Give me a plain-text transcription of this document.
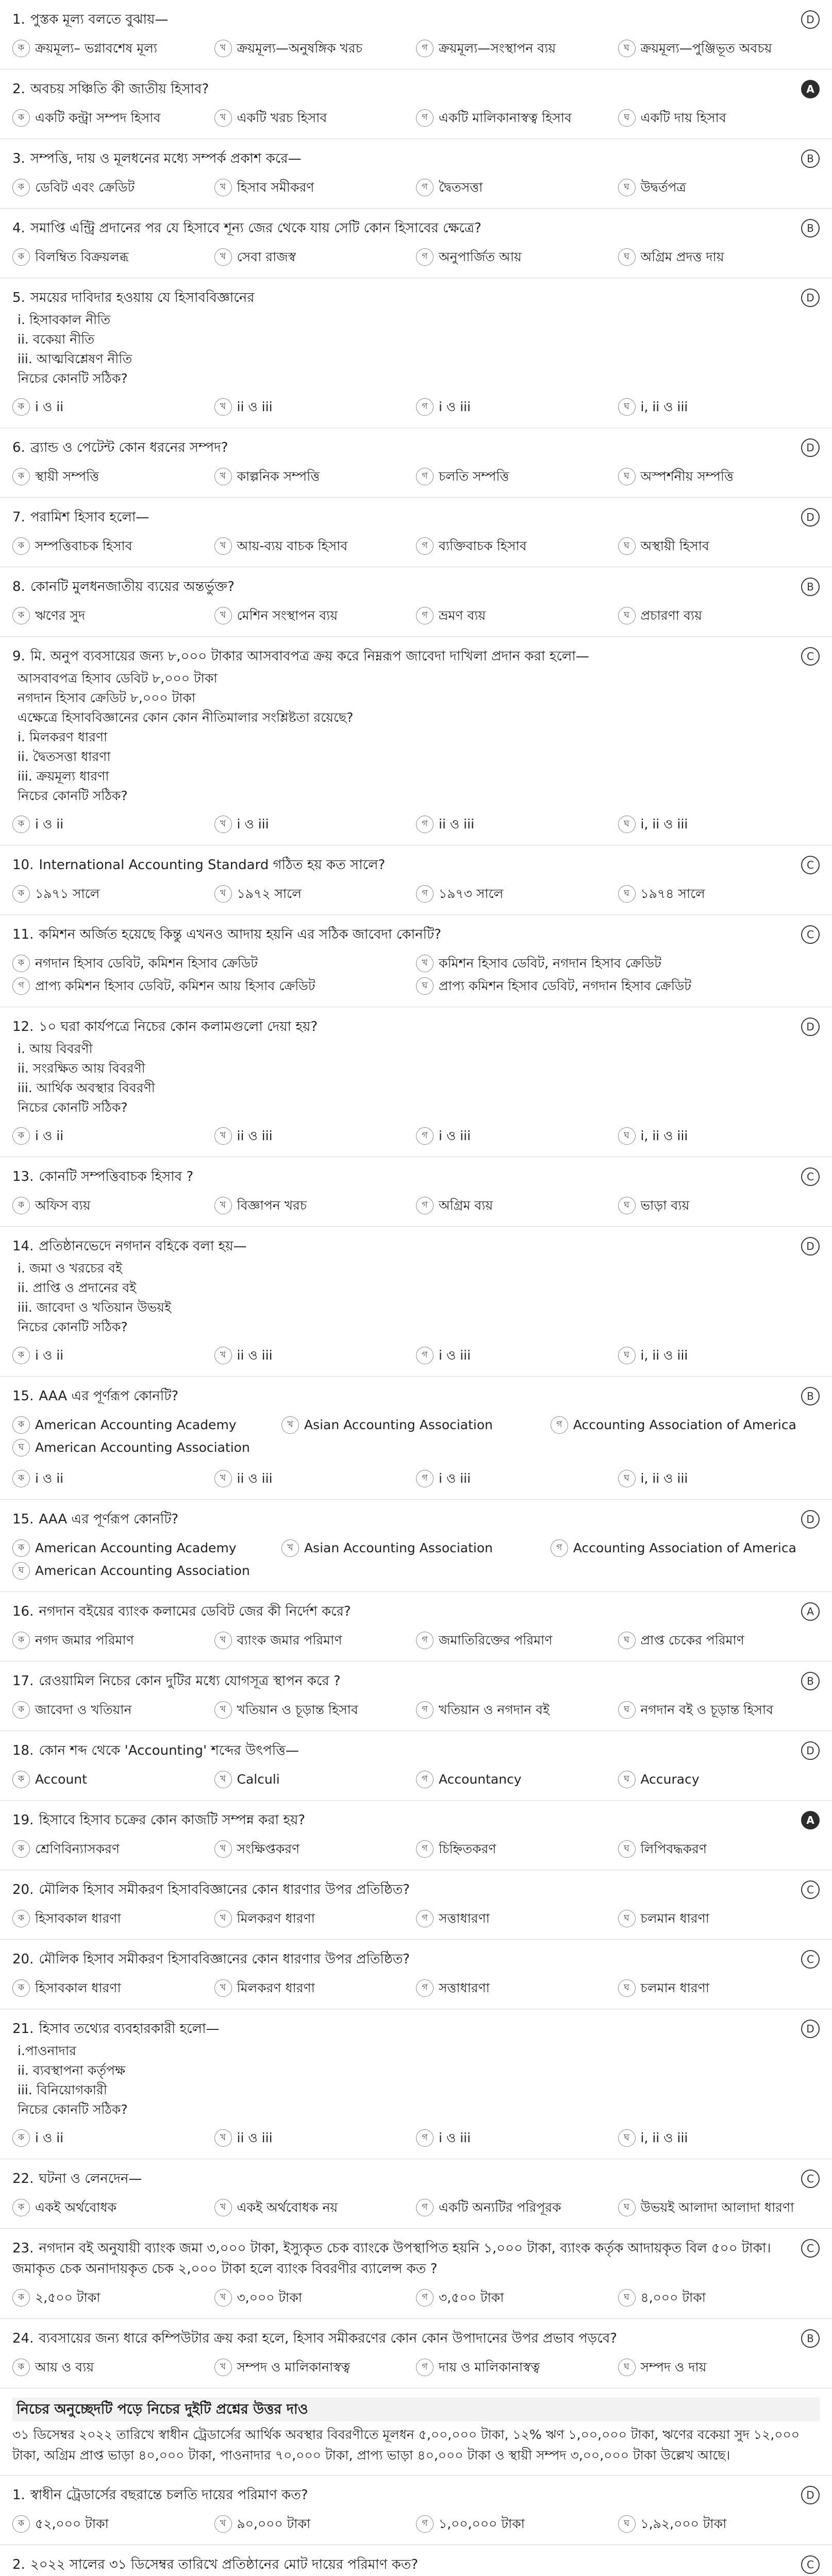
1. পুস্তক মূল্য বলতে বুঝায়—	D
ক ক্রয়মূল্য– ভগ্নাবশেষ মূল্য	খ ক্রয়মূল্য—অনুষঙ্গিক খরচ	গ ক্রয়মূল্য—সংস্থাপন ব্যয়	ঘ ক্রয়মূল্য—পুঞ্জিভূত অবচয়
2. অবচয় সঞ্চিতি কী জাতীয় হিসাব?	A
ক একটি কন্ট্রা সম্পদ হিসাব	খ একটি খরচ হিসাব	গ একটি মালিকানাস্বত্ব হিসাব	ঘ একটি দায় হিসাব
3. সম্পত্তি, দায় ও মূলধনের মধ্যে সম্পর্ক প্রকাশ করে—	B
ক ডেবিট এবং ক্রেডিট	খ হিসাব সমীকরণ	গ দ্বৈতসত্তা	ঘ উদ্বর্তপত্র
4. সমাপ্তি এন্ট্রি প্রদানের পর যে হিসাবে শূন্য জের থেকে যায় সেটি কোন হিসাবের ক্ষেত্রে?	B
ক বিলম্বিত বিক্রয়লব্ধ	খ সেবা রাজস্ব	গ অনুপার্জিত আয়	ঘ অগ্রিম প্রদত্ত দায়
5. সময়ের দাবিদার হওয়ায় যে হিসাববিজ্ঞানের
i. হিসাবকাল নীতি
ii. বকেয়া নীতি
iii. আত্মবিশ্লেষণ নীতি
নিচের কোনটি সঠিক?
D
ক i ও ii	খ ii ও iii	গ i ও iii	ঘ i, ii ও iii
6. ব্র্যান্ড ও পেটেন্ট কোন ধরনের সম্পদ?	D
ক স্থায়ী সম্পত্তি	খ কাল্পনিক সম্পত্তি	গ চলতি সম্পত্তি	ঘ অস্পর্শনীয় সম্পত্তি
7. পরামিশ হিসাব হলো—	D
ক সম্পত্তিবাচক হিসাব	খ আয়-ব্যয় বাচক হিসাব	গ ব্যক্তিবাচক হিসাব	ঘ অস্থায়ী হিসাব
8. কোনটি মুলধনজাতীয় ব্যয়ের অন্তর্ভুক্ত?	B
ক ঋণের সুদ	খ মেশিন সংস্থাপন ব্যয়	গ ভ্রমণ ব্যয়	ঘ প্রচারণা ব্যয়
9. মি. অনুপ ব্যবসায়ের জন্য ৮,০০০ টাকার আসবাবপত্র ক্রয় করে নিম্নরূপ জাবেদা দাখিলা প্রদান করা হলো—
আসবাবপত্র হিসাব ডেবিট ৮,০০০ টাকা
নগদান হিসাব ক্রেডিট ৮,০০০ টাকা
এক্ষেত্রে হিসাববিজ্ঞানের কোন কোন নীতিমালার সংশ্লিষ্টতা রয়েছে?
i. মিলকরণ ধারণা
ii. দ্বৈতসত্তা ধারণা
iii. ক্রয়মূল্য ধারণা
নিচের কোনটি সঠিক?
C
ক i ও ii	খ i ও iii	গ ii ও iii	ঘ i, ii ও iii
10. International Accounting Standard গঠিত হয় কত সালে?	C
ক ১৯৭১ সালে	খ ১৯৭২ সালে	গ ১৯৭৩ সালে	ঘ ১৯৭৪ সালে
11. কমিশন অর্জিত হয়েছে কিন্তু এখনও আদায় হয়নি এর সঠিক জাবেদা কোনটি?	C
ক নগদান হিসাব ডেবিট, কমিশন হিসাব ক্রেডিট	খ কমিশন হিসাব ডেবিট, নগদান হিসাব ক্রেডিট
গ প্রাপ্য কমিশন হিসাব ডেবিট, কমিশন আয় হিসাব ক্রেডিট	ঘ প্রাপ্য কমিশন হিসাব ডেবিট, নগদান হিসাব ক্রেডিট
12. ১০ ঘরা কার্যপত্রে নিচের কোন কলামগুলো দেয়া হয়?
i. আয় বিবরণী
ii. সংরক্ষিত আয় বিবরণী
iii. আর্থিক অবস্থার বিবরণী
নিচের কোনটি সঠিক?
D
ক i ও ii	খ ii ও iii	গ i ও iii	ঘ i, ii ও iii
13. কোনটি সম্পত্তিবাচক হিসাব ?	C
ক অফিস ব্যয়	খ বিজ্ঞাপন খরচ	গ অগ্রিম ব্যয়	ঘ ভাড়া ব্যয়
14. প্রতিষ্ঠানভেদে নগদান বহিকে বলা হয়—
i. জমা ও খরচের বই
ii. প্রাপ্তি ও প্রদানের বই
iii. জাবেদা ও খতিয়ান উভয়ই
নিচের কোনটি সঠিক?
D
ক i ও ii	খ ii ও iii	গ i ও iii	ঘ i, ii ও iii
15. AAA এর পূর্ণরূপ কোনটি?	B
ক American Accounting Academy	খ Asian Accounting Association	গ Accounting Association of America
ঘ American Accounting Association
ক i ও ii	খ ii ও iii	গ i ও iii	ঘ i, ii ও iii
15. AAA এর পূর্ণরূপ কোনটি?	D
ক American Accounting Academy	খ Asian Accounting Association	গ Accounting Association of America
ঘ American Accounting Association
16. নগদান বইয়ের ব্যাংক কলামের ডেবিট জের কী নির্দেশ করে?	A
ক নগদ জমার পরিমাণ	খ ব্যাংক জমার পরিমাণ	গ জমাতিরিক্তের পরিমাণ	ঘ প্রাপ্ত চেকের পরিমাণ
17. রেওয়ামিল নিচের কোন দুটির মধ্যে যোগসূত্র স্থাপন করে ?	B
ক জাবেদা ও খতিয়ান	খ খতিয়ান ও চূড়ান্ত হিসাব	গ খতিয়ান ও নগদান বই	ঘ নগদান বই ও চূড়ান্ত হিসাব
18. কোন শব্দ থেকে 'Accounting' শব্দের উৎপত্তি—	D
ক Account	খ Calculi	গ Accountancy	ঘ Accuracy
19. হিসাবে হিসাব চক্রের কোন কাজটি সম্পন্ন করা হয়?	A
ক শ্রেণিবিন্যাসকরণ	খ সংক্ষিপ্তকরণ	গ চিহ্নিতকরণ	ঘ লিপিবদ্ধকরণ
20. মৌলিক হিসাব সমীকরণ হিসাববিজ্ঞানের কোন ধারণার উপর প্রতিষ্ঠিত?	C
ক হিসাবকাল ধারণা	খ মিলকরণ ধারণা	গ সত্তাধারণা	ঘ চলমান ধারণা
20. মৌলিক হিসাব সমীকরণ হিসাববিজ্ঞানের কোন ধারণার উপর প্রতিষ্ঠিত?	C
ক হিসাবকাল ধারণা	খ মিলকরণ ধারণা	গ সত্তাধারণা	ঘ চলমান ধারণা
21. হিসাব তথ্যের ব্যবহারকারী হলো—
i.পাওনাদার
ii. ব্যবস্থাপনা কর্তৃপক্ষ
iii. বিনিয়োগকারী
নিচের কোনটি সঠিক?
D
ক i ও ii	খ ii ও iii	গ i ও iii	ঘ i, ii ও iii
22. ঘটনা ও লেনদেন—	C
ক একই অর্থবোধক	খ একই অর্থবোধক নয়	গ একটি অন্যটির পরিপূরক	ঘ উভয়ই আলাদা আলাদা ধারণা
23. নগদান বই অনুযায়ী ব্যাংক জমা ৩,০০০ টাকা, ইস্যুকৃত চেক ব্যাংকে উপস্থাপিত হয়নি ১,০০০ টাকা, ব্যাংক কর্তৃক আদায়কৃত বিল ৫০০ টাকা। জমাকৃত চেক অনাদায়কৃত চেক ২,০০০ টাকা হলে ব্যাংক বিবরণীর ব্যালেন্স কত ?
C
ক ২,৫০০ টাকা	খ ৩,০০০ টাকা	গ ৩,৫০০ টাকা	ঘ ৪,০০০ টাকা
24. ব্যবসায়ের জন্য ধারে কম্পিউটার ক্রয় করা হলে, হিসাব সমীকরণের কোন কোন উপাদানের উপর প্রভাব পড়বে?	B
ক আয় ও ব্যয়	খ সম্পদ ও মালিকানাস্বত্ব	গ দায় ও মালিকানাস্বত্ব	ঘ সম্পদ ও দায়
নিচের অনুচ্ছেদটি পড়ে নিচের দুইটি প্রশ্নের উত্তর দাও
৩১ ডিসেম্বর ২০২২ তারিখে স্বাধীন ট্রেডার্সের আর্থিক অবস্থার বিবরণীতে মূলধন ৫,০০,০০০ টাকা, ১২% ঋণ ১,০০,০০০ টাকা, ঋণের বকেয়া সুদ ১২,০০০ টাকা, অগ্রিম প্রাপ্ত ভাড়া ৪০,০০০ টাকা, পাওনাদার ৭০,০০০ টাকা, প্রাপ্য ভাড়া ৪০,০০০ টাকা ও স্থায়ী সম্পদ ৩,০০,০০০ টাকা উল্লেখ আছে।
1. স্বাধীন ট্রেডার্সের বছরান্তে চলতি দায়ের পরিমাণ কত?	D
ক ৫২,০০০ টাকা	খ ৯০,০০০ টাকা	গ ১,০০,০০০ টাকা	ঘ ১,৯২,০০০ টাকা
2. ২০২২ সালের ৩১ ডিসেম্বর তারিখে প্রতিষ্ঠানের মোট দায়ের পরিমাণ কত?	C
